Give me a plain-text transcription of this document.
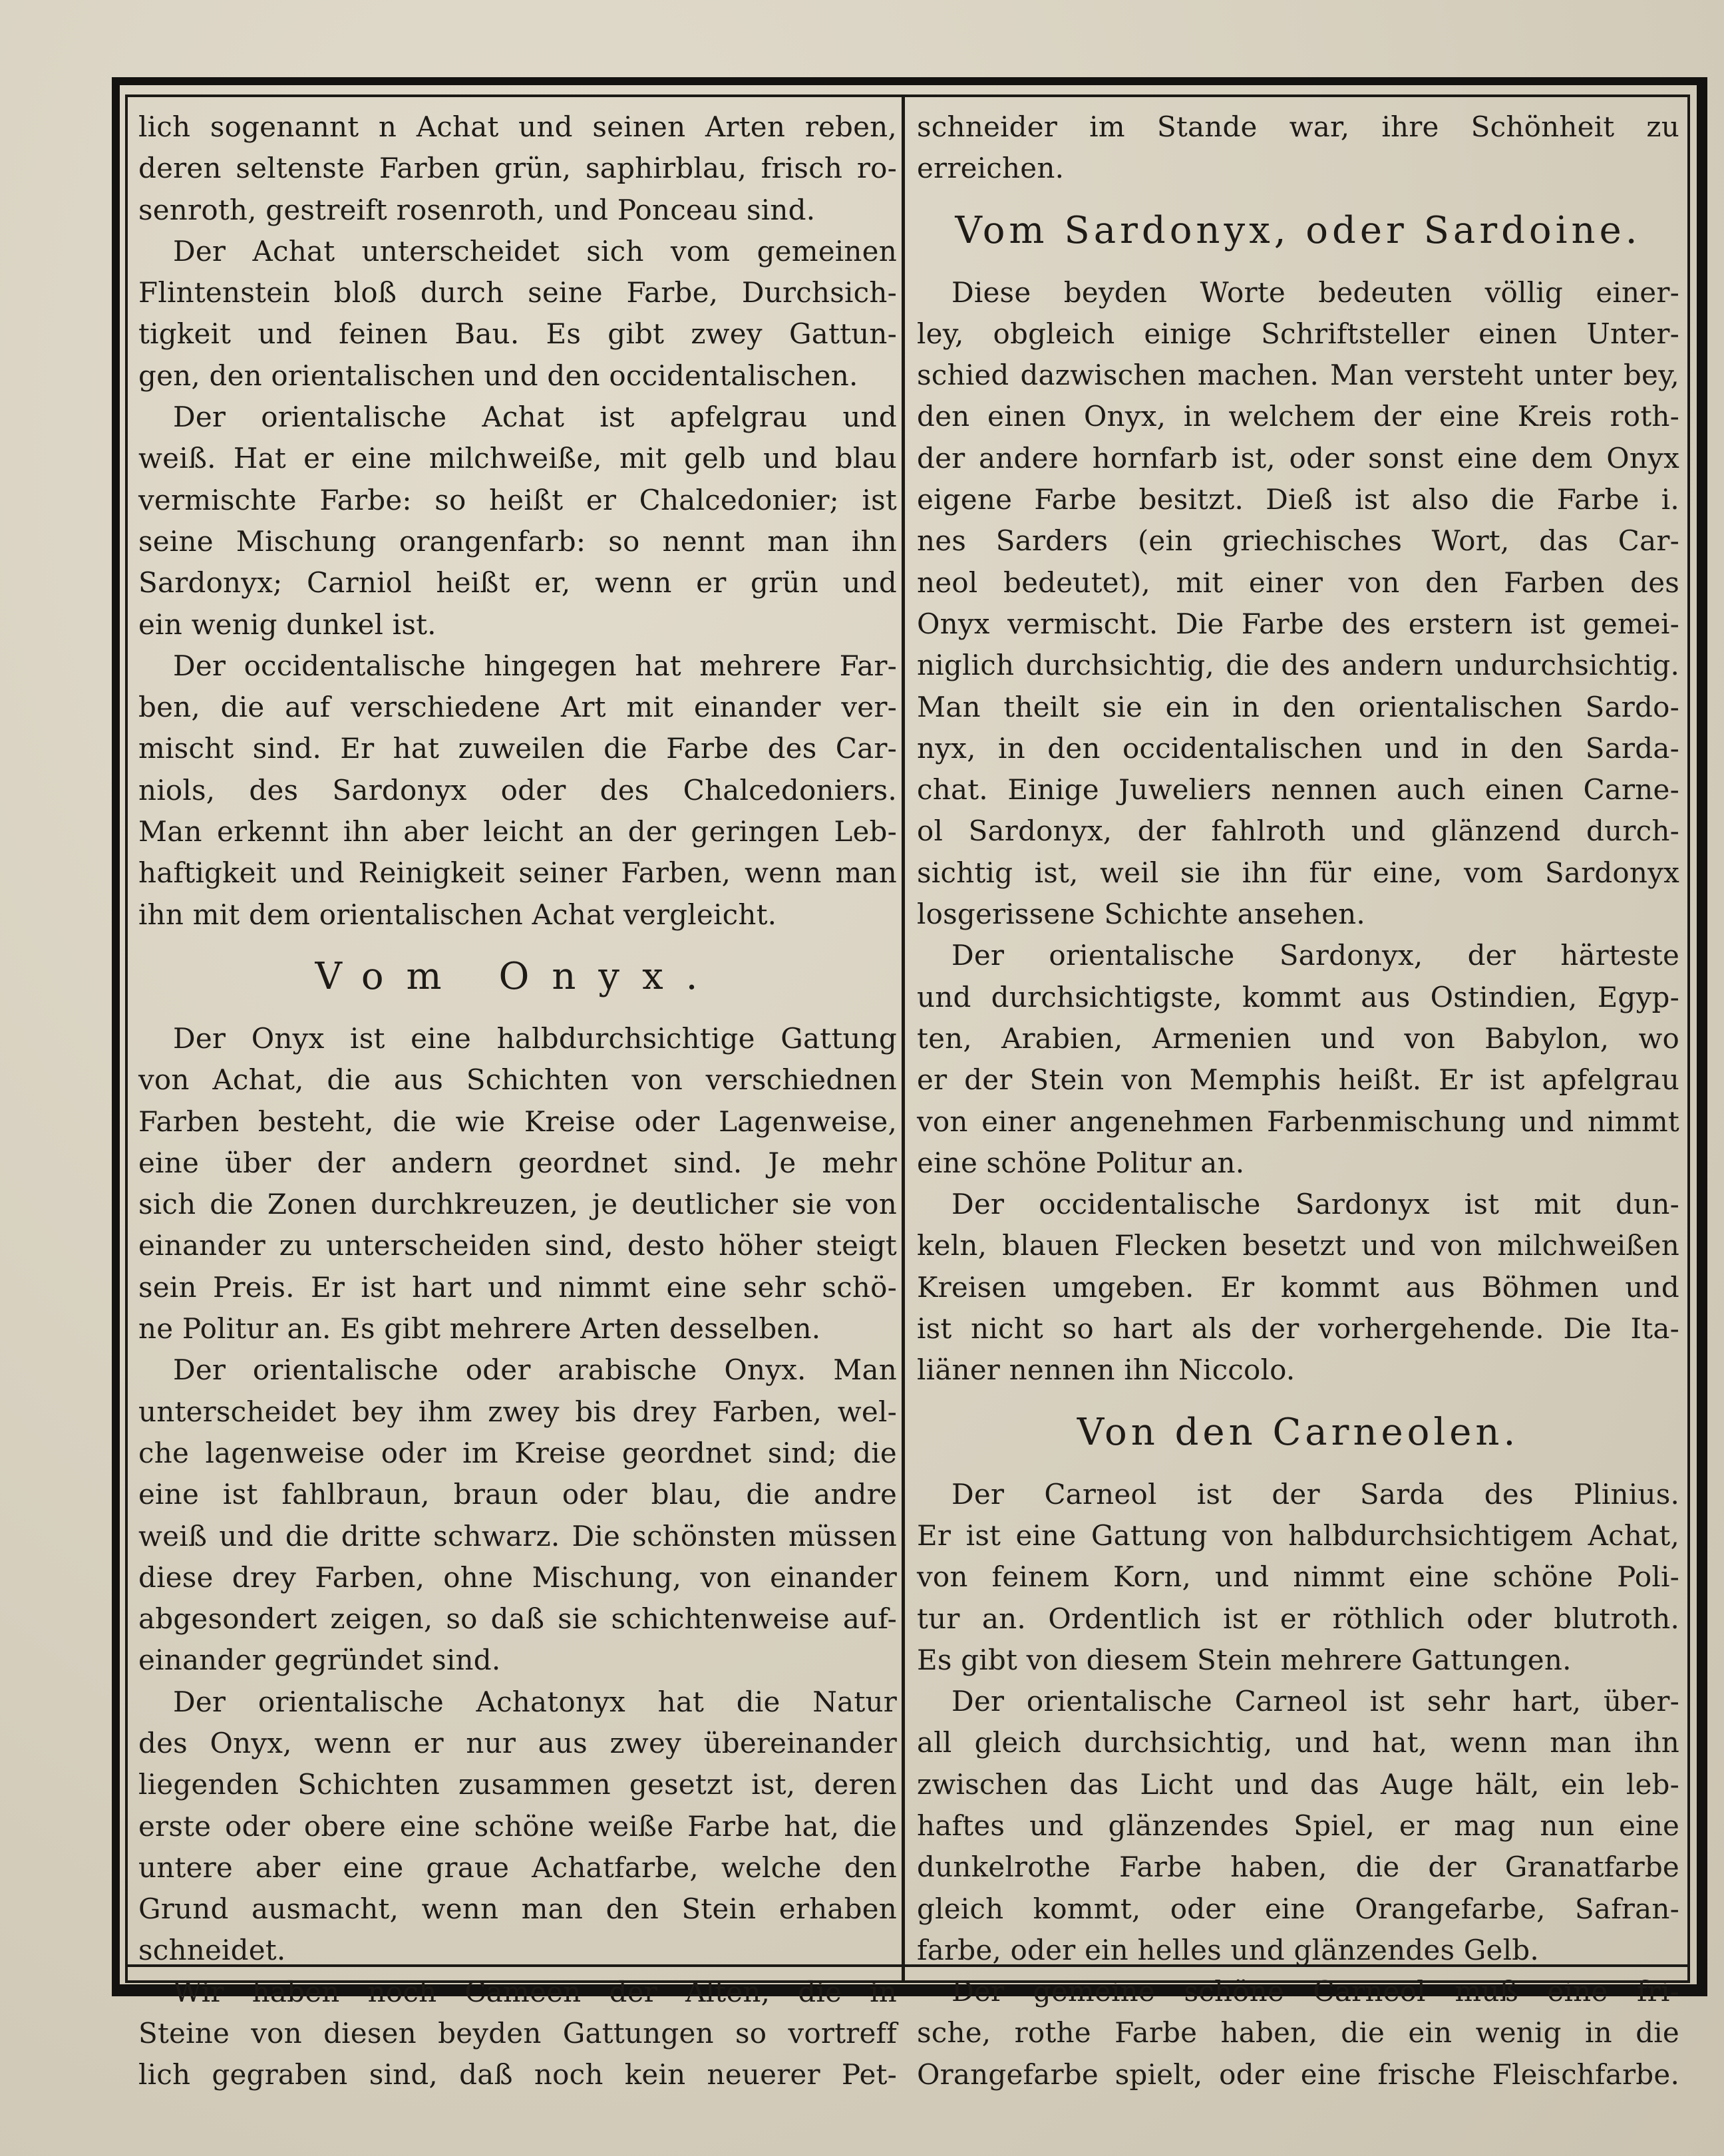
lich sogenannt n Achat und seinen Arten reben,
deren seltenste Farben grün, saphirblau, frisch ro-
senroth, gestreift rosenroth, und Ponceau sind.
Der Achat unterscheidet sich vom gemeinen
Flintenstein bloß durch seine Farbe, Durchsich-
tigkeit und feinen Bau. Es gibt zwey Gattun-
gen, den orientalischen und den occidentalischen.
Der orientalische Achat ist apfelgrau und
weiß. Hat er eine milchweiße, mit gelb und blau
vermischte Farbe: so heißt er Chalcedonier; ist
seine Mischung orangenfarb: so nennt man ihn
Sardonyx; Carniol heißt er, wenn er grün und
ein wenig dunkel ist.
Der occidentalische hingegen hat mehrere Far-
ben, die auf verschiedene Art mit einander ver-
mischt sind. Er hat zuweilen die Farbe des Car-
niols, des Sardonyx oder des Chalcedoniers.
Man erkennt ihn aber leicht an der geringen Leb-
haftigkeit und Reinigkeit seiner Farben, wenn man
ihn mit dem orientalischen Achat vergleicht.
Vom Onyx.
Der Onyx ist eine halbdurchsichtige Gattung
von Achat, die aus Schichten von verschiednen
Farben besteht, die wie Kreise oder Lagenweise,
eine über der andern geordnet sind. Je mehr
sich die Zonen durchkreuzen, je deutlicher sie von
einander zu unterscheiden sind, desto höher steigt
sein Preis. Er ist hart und nimmt eine sehr schö-
ne Politur an. Es gibt mehrere Arten desselben.
Der orientalische oder arabische Onyx. Man
unterscheidet bey ihm zwey bis drey Farben, wel-
che lagenweise oder im Kreise geordnet sind; die
eine ist fahlbraun, braun oder blau, die andre
weiß und die dritte schwarz. Die schönsten müssen
diese drey Farben, ohne Mischung, von einander
abgesondert zeigen, so daß sie schichtenweise auf-
einander gegründet sind.
Der orientalische Achatonyx hat die Natur
des Onyx, wenn er nur aus zwey übereinander
liegenden Schichten zusammen gesetzt ist, deren
erste oder obere eine schöne weiße Farbe hat, die
untere aber eine graue Achatfarbe, welche den
Grund ausmacht, wenn man den Stein erhaben
schneidet.
Wir haben noch Cameen der Alten, die in
Steine von diesen beyden Gattungen so vortreff
lich gegraben sind, daß noch kein neuerer Pet-
schneider im Stande war, ihre Schönheit zu
erreichen.
Vom Sardonyx, oder Sardoine.
Diese beyden Worte bedeuten völlig einer-
ley, obgleich einige Schriftsteller einen Unter-
schied dazwischen machen. Man versteht unter bey,
den einen Onyx, in welchem der eine Kreis roth-
der andere hornfarb ist, oder sonst eine dem Onyx
eigene Farbe besitzt. Dieß ist also die Farbe i.
nes Sarders (ein griechisches Wort, das Car-
neol bedeutet), mit einer von den Farben des
Onyx vermischt. Die Farbe des erstern ist gemei-
niglich durchsichtig, die des andern undurchsichtig.
Man theilt sie ein in den orientalischen Sardo-
nyx, in den occidentalischen und in den Sarda-
chat. Einige Juweliers nennen auch einen Carne-
ol Sardonyx, der fahlroth und glänzend durch-
sichtig ist, weil sie ihn für eine, vom Sardonyx
losgerissene Schichte ansehen.
Der orientalische Sardonyx, der härteste
und durchsichtigste, kommt aus Ostindien, Egyp-
ten, Arabien, Armenien und von Babylon, wo
er der Stein von Memphis heißt. Er ist apfelgrau
von einer angenehmen Farbenmischung und nimmt
eine schöne Politur an.
Der occidentalische Sardonyx ist mit dun-
keln, blauen Flecken besetzt und von milchweißen
Kreisen umgeben. Er kommt aus Böhmen und
ist nicht so hart als der vorhergehende. Die Ita-
liäner nennen ihn Niccolo.
Von den Carneolen.
Der Carneol ist der Sarda des Plinius.
Er ist eine Gattung von halbdurchsichtigem Achat,
von feinem Korn, und nimmt eine schöne Poli-
tur an. Ordentlich ist er röthlich oder blutroth.
Es gibt von diesem Stein mehrere Gattungen.
Der orientalische Carneol ist sehr hart, über-
all gleich durchsichtig, und hat, wenn man ihn
zwischen das Licht und das Auge hält, ein leb-
haftes und glänzendes Spiel, er mag nun eine
dunkelrothe Farbe haben, die der Granatfarbe
gleich kommt, oder eine Orangefarbe, Safran-
farbe, oder ein helles und glänzendes Gelb.
Der gemeine schöne Carneol muß eine fri-
sche, rothe Farbe haben, die ein wenig in die
Orangefarbe spielt, oder eine frische Fleischfarbe.
